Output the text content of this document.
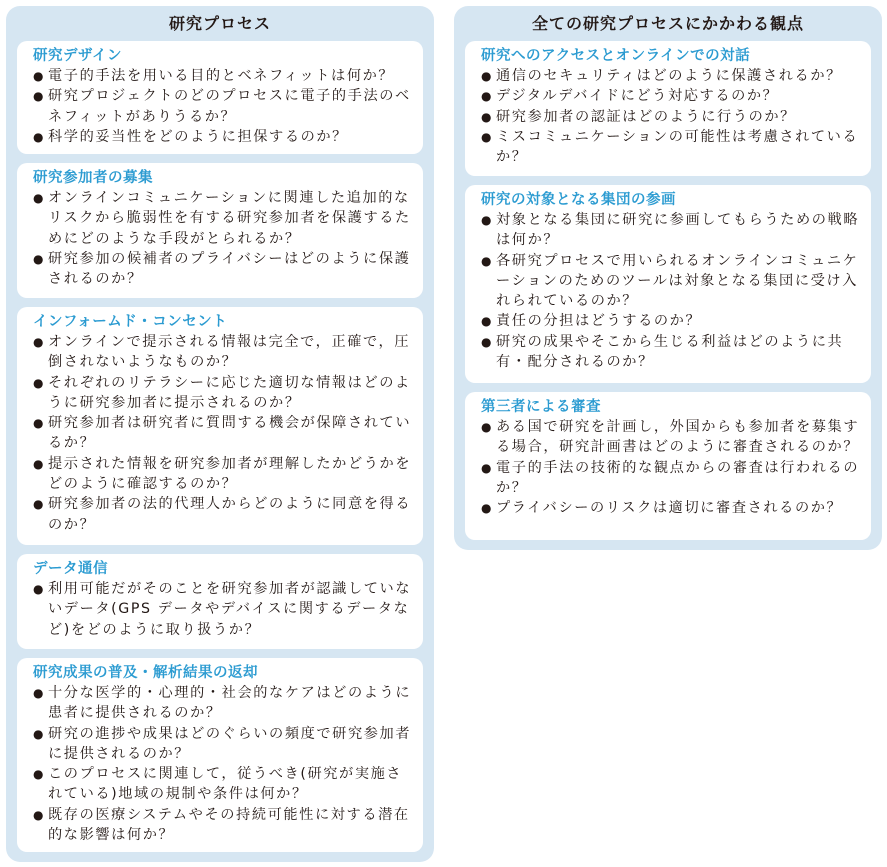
研究プロセス
研究デザイン
● 電子的手法を用いる目的とベネフィットは何か？
● 研究プロジェクトのどのプロセスに電子的手法のベネフィットがありうるか？
● 科学的妥当性をどのように担保するのか？
研究参加者の募集
● オンラインコミュニケーションに関連した追加的なリスクから脆弱性を有する研究参加者を保護するためにどのような手段がとられるか？
● 研究参加の候補者のプライバシーはどのように保護されるのか？
インフォームド・コンセント
● オンラインで提示される情報は完全で，正確で，圧倒されないようなものか？
● それぞれのリテラシーに応じた適切な情報はどのように研究参加者に提示されるのか？
● 研究参加者は研究者に質問する機会が保障されているか？
● 提示された情報を研究参加者が理解したかどうかをどのように確認するのか？
● 研究参加者の法的代理人からどのように同意を得るのか？
データ通信
● 利用可能だがそのことを研究参加者が認識していないデータ(GPS データやデバイスに関するデータなど)をどのように取り扱うか？
研究成果の普及・解析結果の返却
● 十分な医学的・心理的・社会的なケアはどのように患者に提供されるのか？
● 研究の進捗や成果はどのぐらいの頻度で研究参加者に提供されるのか？
● このプロセスに関連して，従うべき(研究が実施されている)地域の規制や条件は何か？
● 既存の医療システムやその持続可能性に対する潜在的な影響は何か？
全ての研究プロセスにかかわる観点
研究へのアクセスとオンラインでの対話
● 通信のセキュリティはどのように保護されるか？
● デジタルデバイドにどう対応するのか？
● 研究参加者の認証はどのように行うのか？
● ミスコミュニケーションの可能性は考慮されているか？
研究の対象となる集団の参画
● 対象となる集団に研究に参画してもらうための戦略は何か？
● 各研究プロセスで用いられるオンラインコミュニケーションのためのツールは対象となる集団に受け入れられているのか？
● 責任の分担はどうするのか？
● 研究の成果やそこから生じる利益はどのように共有・配分されるのか？
第三者による審査
● ある国で研究を計画し，外国からも参加者を募集する場合，研究計画書はどのように審査されるのか？
● 電子的手法の技術的な観点からの審査は行われるのか？
● プライバシーのリスクは適切に審査されるのか？
